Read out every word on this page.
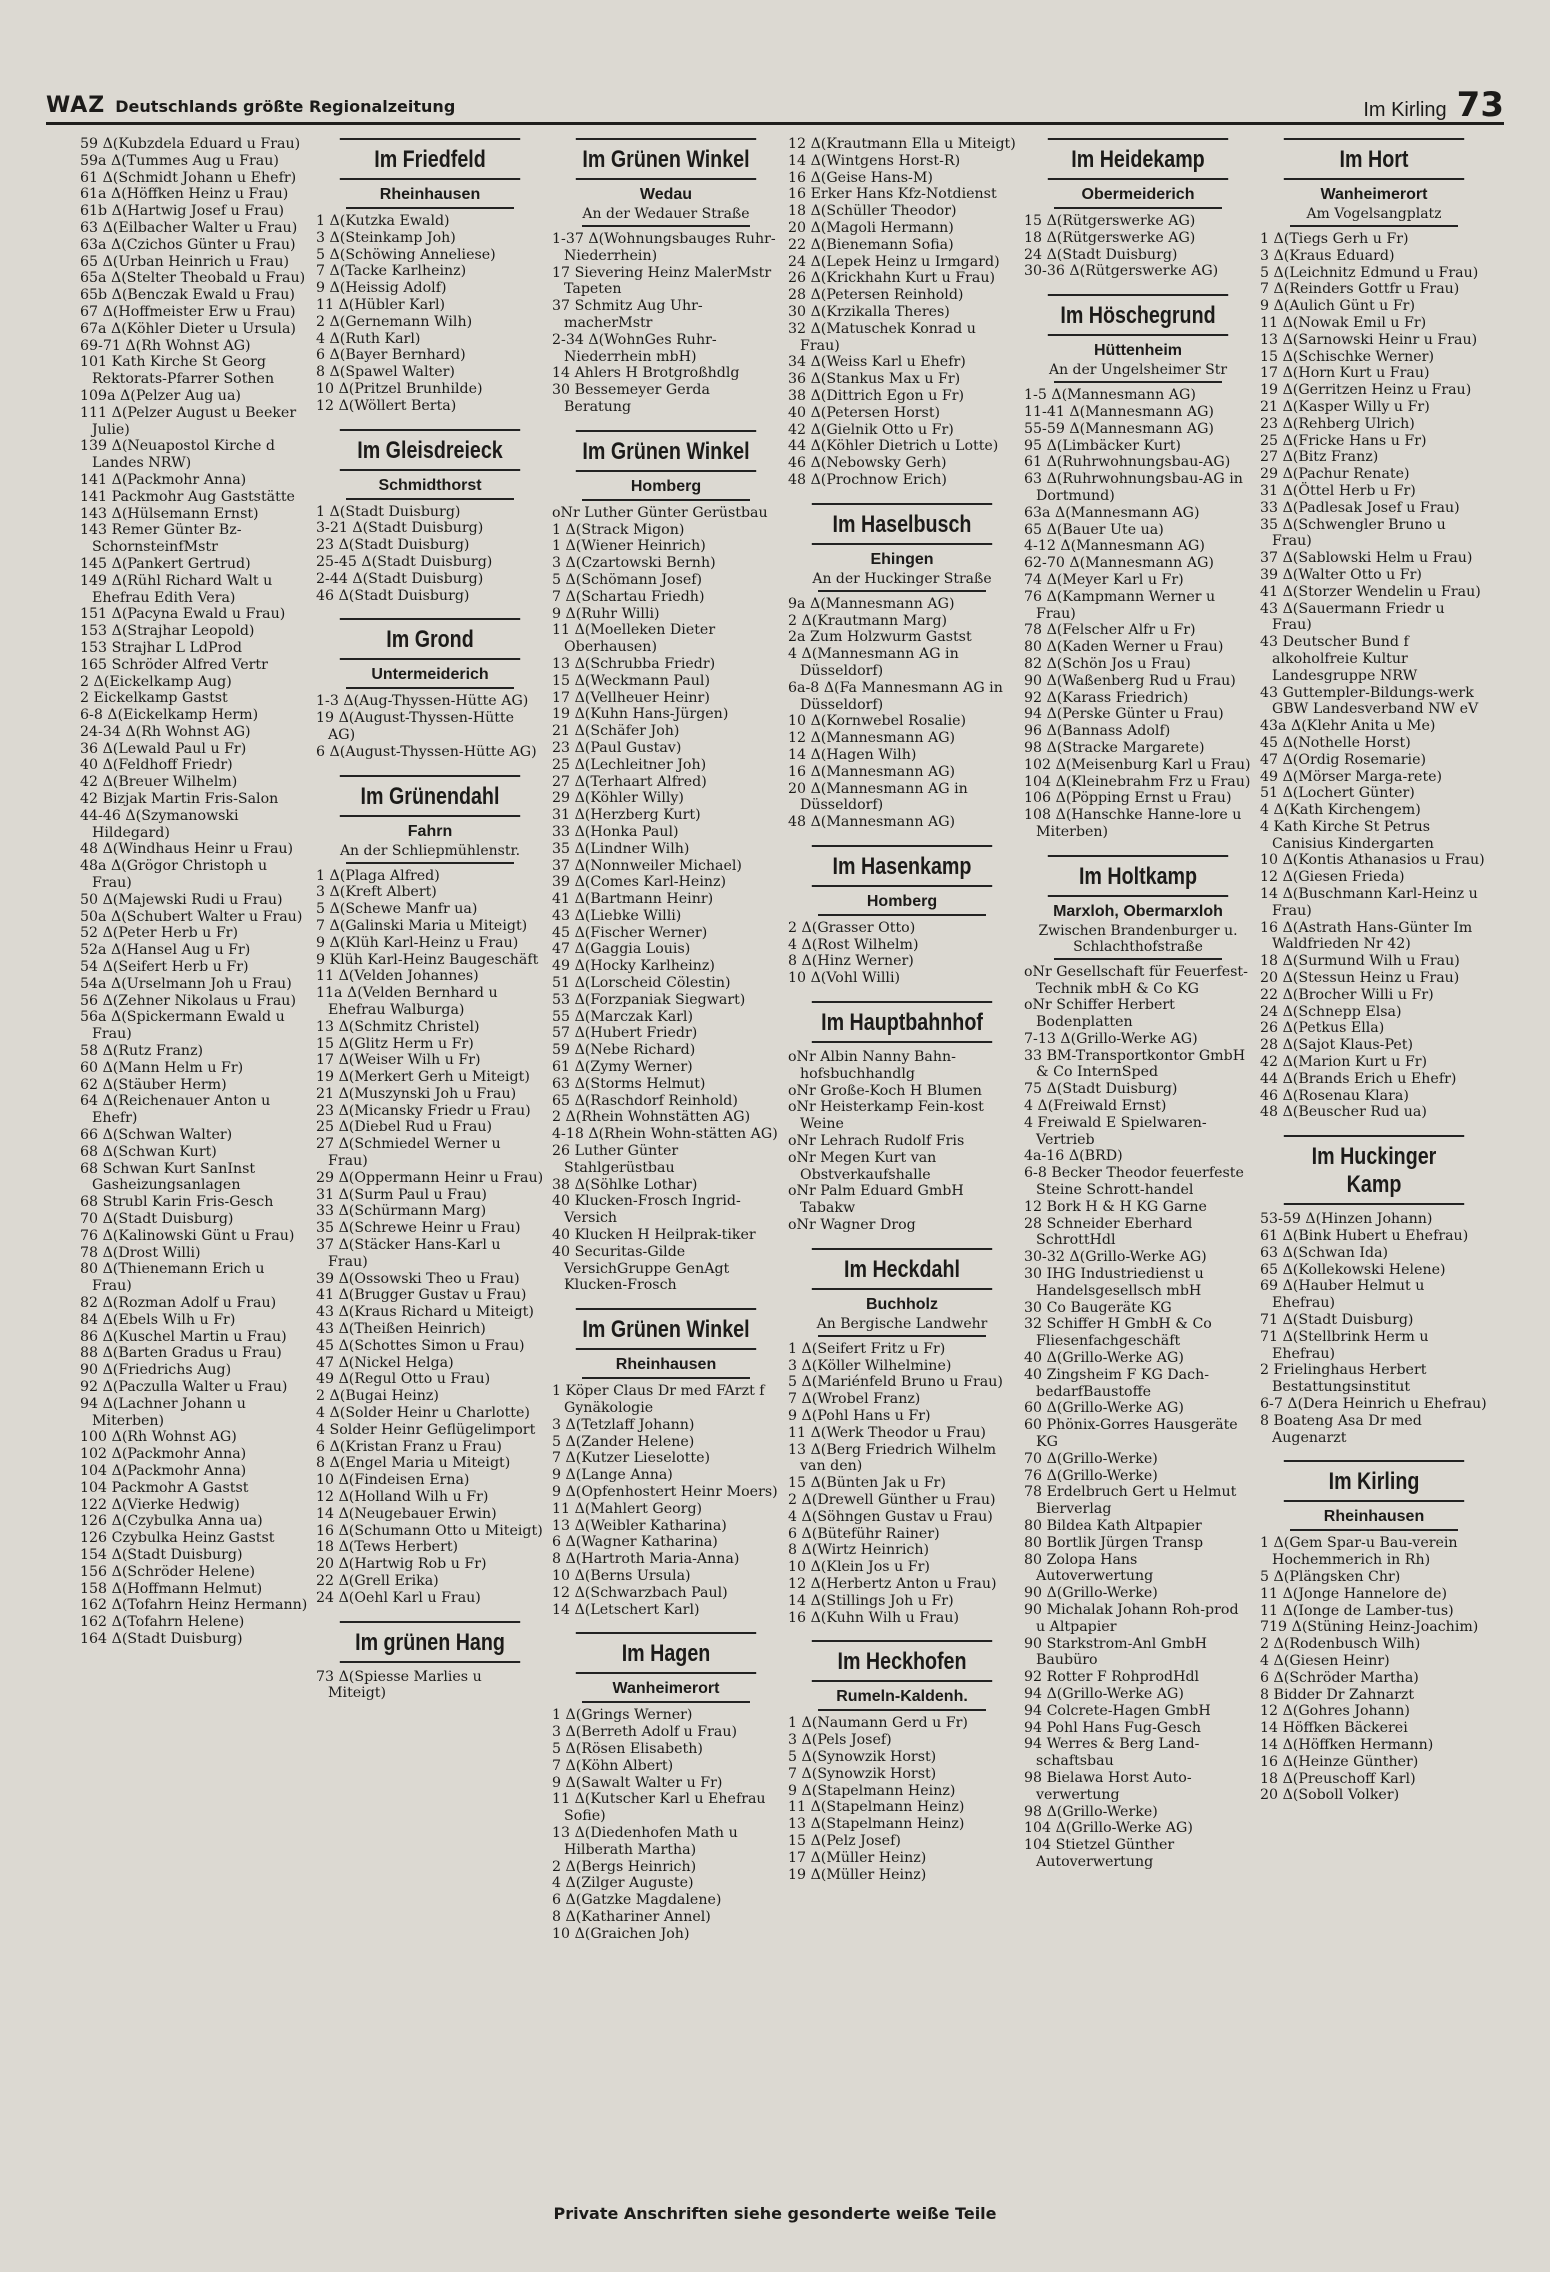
WAZ Deutschlands größte Regionalzeitung	Im Kirling 73
59 Δ(Kubzdela Eduard u Frau)
59a Δ(Tummes Aug u Frau)
61 Δ(Schmidt Johann u Ehefr)
61a Δ(Höffken Heinz u Frau)
61b Δ(Hartwig Josef u Frau)
63 Δ(Eilbacher Walter u Frau)
63a Δ(Czichos Günter u Frau)
65 Δ(Urban Heinrich u Frau)
65a Δ(Stelter Theobald u Frau)
65b Δ(Benczak Ewald u Frau)
67 Δ(Hoffmeister Erw u Frau)
67a Δ(Köhler Dieter u Ursula)
69-71 Δ(Rh Wohnst AG)
101 Kath Kirche St Georg Rektorats-Pfarrer Sothen
109a Δ(Pelzer Aug ua)
111 Δ(Pelzer August u Beeker Julie)
139 Δ(Neuapostol Kirche d Landes NRW)
141 Δ(Packmohr Anna)
141 Packmohr Aug Gaststätte
143 Δ(Hülsemann Ernst)
143 Remer Günter Bz-SchornsteinfMstr
145 Δ(Pankert Gertrud)
149 Δ(Rühl Richard Walt u Ehefrau Edith Vera)
151 Δ(Pacyna Ewald u Frau)
153 Δ(Strajhar Leopold)
153 Strajhar L LdProd
165 Schröder Alfred Vertr
2 Δ(Eickelkamp Aug)
2 Eickelkamp Gastst
6-8 Δ(Eickelkamp Herm)
24-34 Δ(Rh Wohnst AG)
36 Δ(Lewald Paul u Fr)
40 Δ(Feldhoff Friedr)
42 Δ(Breuer Wilhelm)
42 Bizjak Martin Fris-Salon
44-46 Δ(Szymanowski Hildegard)
48 Δ(Windhaus Heinr u Frau)
48a Δ(Grögor Christoph u Frau)
50 Δ(Majewski Rudi u Frau)
50a Δ(Schubert Walter u Frau)
52 Δ(Peter Herb u Fr)
52a Δ(Hansel Aug u Fr)
54 Δ(Seifert Herb u Fr)
54a Δ(Urselmann Joh u Frau)
56 Δ(Zehner Nikolaus u Frau)
56a Δ(Spickermann Ewald u Frau)
58 Δ(Rutz Franz)
60 Δ(Mann Helm u Fr)
62 Δ(Stäuber Herm)
64 Δ(Reichenauer Anton u Ehefr)
66 Δ(Schwan Walter)
68 Δ(Schwan Kurt)
68 Schwan Kurt SanInst Gasheizungsanlagen
68 Strubl Karin Fris-Gesch
70 Δ(Stadt Duisburg)
76 Δ(Kalinowski Günt u Frau)
78 Δ(Drost Willi)
80 Δ(Thienemann Erich u Frau)
82 Δ(Rozman Adolf u Frau)
84 Δ(Ebels Wilh u Fr)
86 Δ(Kuschel Martin u Frau)
88 Δ(Barten Gradus u Frau)
90 Δ(Friedrichs Aug)
92 Δ(Paczulla Walter u Frau)
94 Δ(Lachner Johann u Miterben)
100 Δ(Rh Wohnst AG)
102 Δ(Packmohr Anna)
104 Δ(Packmohr Anna)
104 Packmohr A Gastst
122 Δ(Vierke Hedwig)
126 Δ(Czybulka Anna ua)
126 Czybulka Heinz Gastst
154 Δ(Stadt Duisburg)
156 Δ(Schröder Helene)
158 Δ(Hoffmann Helmut)
162 Δ(Tofahrn Heinz Hermann)
162 Δ(Tofahrn Helene)
164 Δ(Stadt Duisburg)
Im Friedfeld
Rheinhausen
1 Δ(Kutzka Ewald)
3 Δ(Steinkamp Joh)
5 Δ(Schöwing Anneliese)
7 Δ(Tacke Karlheinz)
9 Δ(Heissig Adolf)
11 Δ(Hübler Karl)
2 Δ(Gernemann Wilh)
4 Δ(Ruth Karl)
6 Δ(Bayer Bernhard)
8 Δ(Spawel Walter)
10 Δ(Pritzel Brunhilde)
12 Δ(Wöllert Berta)
Im Gleisdreieck
Schmidthorst
1 Δ(Stadt Duisburg)
3-21 Δ(Stadt Duisburg)
23 Δ(Stadt Duisburg)
25-45 Δ(Stadt Duisburg)
2-44 Δ(Stadt Duisburg)
46 Δ(Stadt Duisburg)
Im Grond
Untermeiderich
1-3 Δ(Aug-Thyssen-Hütte AG)
19 Δ(August-Thyssen-Hütte AG)
6 Δ(August-Thyssen-Hütte AG)
Im Grünendahl
Fahrn
An der Schliepmühlenstr.
1 Δ(Plaga Alfred)
3 Δ(Kreft Albert)
5 Δ(Schewe Manfr ua)
7 Δ(Galinski Maria u Miteigt)
9 Δ(Klüh Karl-Heinz u Frau)
9 Klüh Karl-Heinz Baugeschäft
11 Δ(Velden Johannes)
11a Δ(Velden Bernhard u Ehefrau Walburga)
13 Δ(Schmitz Christel)
15 Δ(Glitz Herm u Fr)
17 Δ(Weiser Wilh u Fr)
19 Δ(Merkert Gerh u Miteigt)
21 Δ(Muszynski Joh u Frau)
23 Δ(Micansky Friedr u Frau)
25 Δ(Diebel Rud u Frau)
27 Δ(Schmiedel Werner u Frau)
29 Δ(Oppermann Heinr u Frau)
31 Δ(Surm Paul u Frau)
33 Δ(Schürmann Marg)
35 Δ(Schrewe Heinr u Frau)
37 Δ(Stäcker Hans-Karl u Frau)
39 Δ(Ossowski Theo u Frau)
41 Δ(Brugger Gustav u Frau)
43 Δ(Kraus Richard u Miteigt)
43 Δ(Theißen Heinrich)
45 Δ(Schottes Simon u Frau)
47 Δ(Nickel Helga)
49 Δ(Regul Otto u Frau)
2 Δ(Bugai Heinz)
4 Δ(Solder Heinr u Charlotte)
4 Solder Heinr Geflügelimport
6 Δ(Kristan Franz u Frau)
8 Δ(Engel Maria u Miteigt)
10 Δ(Findeisen Erna)
12 Δ(Holland Wilh u Fr)
14 Δ(Neugebauer Erwin)
16 Δ(Schumann Otto u Miteigt)
18 Δ(Tews Herbert)
20 Δ(Hartwig Rob u Fr)
22 Δ(Grell Erika)
24 Δ(Oehl Karl u Frau)
Im grünen Hang
73 Δ(Spiesse Marlies u Miteigt)
Im Grünen Winkel
Wedau
An der Wedauer Straße
1-37 Δ(Wohnungsbauges Ruhr-Niederrhein)
17 Sievering Heinz MalerMstr Tapeten
37 Schmitz Aug Uhr-macherMstr
2-34 Δ(WohnGes Ruhr-Niederrhein mbH)
14 Ahlers H Brotgroßhdlg
30 Bessemeyer Gerda Beratung
Im Grünen Winkel
Homberg
oNr Luther Günter Gerüstbau
1 Δ(Strack Migon)
1 Δ(Wiener Heinrich)
3 Δ(Czartowski Bernh)
5 Δ(Schömann Josef)
7 Δ(Schartau Friedh)
9 Δ(Ruhr Willi)
11 Δ(Moelleken Dieter Oberhausen)
13 Δ(Schrubba Friedr)
15 Δ(Weckmann Paul)
17 Δ(Vellheuer Heinr)
19 Δ(Kuhn Hans-Jürgen)
21 Δ(Schäfer Joh)
23 Δ(Paul Gustav)
25 Δ(Lechleitner Joh)
27 Δ(Terhaart Alfred)
29 Δ(Köhler Willy)
31 Δ(Herzberg Kurt)
33 Δ(Honka Paul)
35 Δ(Lindner Wilh)
37 Δ(Nonnweiler Michael)
39 Δ(Comes Karl-Heinz)
41 Δ(Bartmann Heinr)
43 Δ(Liebke Willi)
45 Δ(Fischer Werner)
47 Δ(Gaggia Louis)
49 Δ(Hocky Karlheinz)
51 Δ(Lorscheid Cölestin)
53 Δ(Forzpaniak Siegwart)
55 Δ(Marczak Karl)
57 Δ(Hubert Friedr)
59 Δ(Nebe Richard)
61 Δ(Zymy Werner)
63 Δ(Storms Helmut)
65 Δ(Raschdorf Reinhold)
2 Δ(Rhein Wohnstätten AG)
4-18 Δ(Rhein Wohn-stätten AG)
26 Luther Günter Stahlgerüstbau
38 Δ(Söhlke Lothar)
40 Klucken-Frosch Ingrid-Versich
40 Klucken H Heilprak-tiker
40 Securitas-Gilde VersichGruppe GenAgt Klucken-Frosch
Im Grünen Winkel
Rheinhausen
1 Köper Claus Dr med FArzt f Gynäkologie
3 Δ(Tetzlaff Johann)
5 Δ(Zander Helene)
7 Δ(Kutzer Lieselotte)
9 Δ(Lange Anna)
9 Δ(Opfenhostert Heinr Moers)
11 Δ(Mahlert Georg)
13 Δ(Weibler Katharina)
6 Δ(Wagner Katharina)
8 Δ(Hartroth Maria-Anna)
10 Δ(Berns Ursula)
12 Δ(Schwarzbach Paul)
14 Δ(Letschert Karl)
Im Hagen
Wanheimerort
1 Δ(Grings Werner)
3 Δ(Berreth Adolf u Frau)
5 Δ(Rösen Elisabeth)
7 Δ(Köhn Albert)
9 Δ(Sawalt Walter u Fr)
11 Δ(Kutscher Karl u Ehefrau Sofie)
13 Δ(Diedenhofen Math u Hilberath Martha)
2 Δ(Bergs Heinrich)
4 Δ(Zilger Auguste)
6 Δ(Gatzke Magdalene)
8 Δ(Kathariner Annel)
10 Δ(Graichen Joh)
12 Δ(Krautmann Ella u Miteigt)
14 Δ(Wintgens Horst-R)
16 Δ(Geise Hans-M)
16 Erker Hans Kfz-Notdienst
18 Δ(Schüller Theodor)
20 Δ(Magoli Hermann)
22 Δ(Bienemann Sofia)
24 Δ(Lepek Heinz u Irmgard)
26 Δ(Krickhahn Kurt u Frau)
28 Δ(Petersen Reinhold)
30 Δ(Krzikalla Theres)
32 Δ(Matuschek Konrad u Frau)
34 Δ(Weiss Karl u Ehefr)
36 Δ(Stankus Max u Fr)
38 Δ(Dittrich Egon u Fr)
40 Δ(Petersen Horst)
42 Δ(Gielnik Otto u Fr)
44 Δ(Köhler Dietrich u Lotte)
46 Δ(Nebowsky Gerh)
48 Δ(Prochnow Erich)
Im Haselbusch
Ehingen
An der Huckinger Straße
9a Δ(Mannesmann AG)
2 Δ(Krautmann Marg)
2a Zum Holzwurm Gastst
4 Δ(Mannesmann AG in Düsseldorf)
6a-8 Δ(Fa Mannesmann AG in Düsseldorf)
10 Δ(Kornwebel Rosalie)
12 Δ(Mannesmann AG)
14 Δ(Hagen Wilh)
16 Δ(Mannesmann AG)
20 Δ(Mannesmann AG in Düsseldorf)
48 Δ(Mannesmann AG)
Im Hasenkamp
Homberg
2 Δ(Grasser Otto)
4 Δ(Rost Wilhelm)
8 Δ(Hinz Werner)
10 Δ(Vohl Willi)
Im Hauptbahnhof
oNr Albin Nanny Bahn-hofsbuchhandlg
oNr Große-Koch H Blumen
oNr Heisterkamp Fein-kost Weine
oNr Lehrach Rudolf Fris
oNr Megen Kurt van Obstverkaufshalle
oNr Palm Eduard GmbH Tabakw
oNr Wagner Drog
Im Heckdahl
Buchholz
An Bergische Landwehr
1 Δ(Seifert Fritz u Fr)
3 Δ(Köller Wilhelmine)
5 Δ(Mariénfeld Bruno u Frau)
7 Δ(Wrobel Franz)
9 Δ(Pohl Hans u Fr)
11 Δ(Werk Theodor u Frau)
13 Δ(Berg Friedrich Wilhelm van den)
15 Δ(Bünten Jak u Fr)
2 Δ(Drewell Günther u Frau)
4 Δ(Söhngen Gustav u Frau)
6 Δ(Büteführ Rainer)
8 Δ(Wirtz Heinrich)
10 Δ(Klein Jos u Fr)
12 Δ(Herbertz Anton u Frau)
14 Δ(Stillings Joh u Fr)
16 Δ(Kuhn Wilh u Frau)
Im Heckhofen
Rumeln-Kaldenh.
1 Δ(Naumann Gerd u Fr)
3 Δ(Pels Josef)
5 Δ(Synowzik Horst)
7 Δ(Synowzik Horst)
9 Δ(Stapelmann Heinz)
11 Δ(Stapelmann Heinz)
13 Δ(Stapelmann Heinz)
15 Δ(Pelz Josef)
17 Δ(Müller Heinz)
19 Δ(Müller Heinz)
Im Heidekamp
Obermeiderich
15 Δ(Rütgerswerke AG)
18 Δ(Rütgerswerke AG)
24 Δ(Stadt Duisburg)
30-36 Δ(Rütgerswerke AG)
Im Höschegrund
Hüttenheim
An der Ungelsheimer Str
1-5 Δ(Mannesmann AG)
11-41 Δ(Mannesmann AG)
55-59 Δ(Mannesmann AG)
95 Δ(Limbäcker Kurt)
61 Δ(Ruhrwohnungsbau-AG)
63 Δ(Ruhrwohnungsbau-AG in Dortmund)
63a Δ(Mannesmann AG)
65 Δ(Bauer Ute ua)
4-12 Δ(Mannesmann AG)
62-70 Δ(Mannesmann AG)
74 Δ(Meyer Karl u Fr)
76 Δ(Kampmann Werner u Frau)
78 Δ(Felscher Alfr u Fr)
80 Δ(Kaden Werner u Frau)
82 Δ(Schön Jos u Frau)
90 Δ(Waßenberg Rud u Frau)
92 Δ(Karass Friedrich)
94 Δ(Perske Günter u Frau)
96 Δ(Bannass Adolf)
98 Δ(Stracke Margarete)
102 Δ(Meisenburg Karl u Frau)
104 Δ(Kleinebrahm Frz u Frau)
106 Δ(Pöpping Ernst u Frau)
108 Δ(Hanschke Hanne-lore u Miterben)
Im Holtkamp
Marxloh, Obermarxloh
Zwischen Brandenburger u. Schlachthofstraße
oNr Gesellschaft für Feuerfest-Technik mbH & Co KG
oNr Schiffer Herbert Bodenplatten
7-13 Δ(Grillo-Werke AG)
33 BM-Transportkontor GmbH & Co InternSped
75 Δ(Stadt Duisburg)
4 Δ(Freiwald Ernst)
4 Freiwald E Spielwaren-Vertrieb
4a-16 Δ(BRD)
6-8 Becker Theodor feuerfeste Steine Schrott-handel
12 Bork H & H KG Garne
28 Schneider Eberhard SchrottHdl
30-32 Δ(Grillo-Werke AG)
30 IHG Industriedienst u Handelsgesellsch mbH
30 Co Baugeräte KG
32 Schiffer H GmbH & Co Fliesenfachgeschäft
40 Δ(Grillo-Werke AG)
40 Zingsheim F KG Dach-bedarfBaustoffe
60 Δ(Grillo-Werke AG)
60 Phönix-Gorres Hausgeräte KG
70 Δ(Grillo-Werke)
76 Δ(Grillo-Werke)
78 Erdelbruch Gert u Helmut Bierverlag
80 Bildea Kath Altpapier
80 Bortlik Jürgen Transp
80 Zolopa Hans Autoverwertung
90 Δ(Grillo-Werke)
90 Michalak Johann Roh-prod u Altpapier
90 Starkstrom-Anl GmbH Baubüro
92 Rotter F RohprodHdl
94 Δ(Grillo-Werke AG)
94 Colcrete-Hagen GmbH
94 Pohl Hans Fug-Gesch
94 Werres & Berg Land-schaftsbau
98 Bielawa Horst Auto-verwertung
98 Δ(Grillo-Werke)
104 Δ(Grillo-Werke AG)
104 Stietzel Günther Autoverwertung
Im Hort
Wanheimerort
Am Vogelsangplatz
1 Δ(Tiegs Gerh u Fr)
3 Δ(Kraus Eduard)
5 Δ(Leichnitz Edmund u Frau)
7 Δ(Reinders Gottfr u Frau)
9 Δ(Aulich Günt u Fr)
11 Δ(Nowak Emil u Fr)
13 Δ(Sarnowski Heinr u Frau)
15 Δ(Schischke Werner)
17 Δ(Horn Kurt u Frau)
19 Δ(Gerritzen Heinz u Frau)
21 Δ(Kasper Willy u Fr)
23 Δ(Rehberg Ulrich)
25 Δ(Fricke Hans u Fr)
27 Δ(Bitz Franz)
29 Δ(Pachur Renate)
31 Δ(Öttel Herb u Fr)
33 Δ(Padlesak Josef u Frau)
35 Δ(Schwengler Bruno u Frau)
37 Δ(Sablowski Helm u Frau)
39 Δ(Walter Otto u Fr)
41 Δ(Storzer Wendelin u Frau)
43 Δ(Sauermann Friedr u Frau)
43 Deutscher Bund f alkoholfreie Kultur Landesgruppe NRW
43 Guttempler-Bildungs-werk GBW Landesverband NW eV
43a Δ(Klehr Anita u Me)
45 Δ(Nothelle Horst)
47 Δ(Ordig Rosemarie)
49 Δ(Mörser Marga-rete)
51 Δ(Lochert Günter)
4 Δ(Kath Kirchengem)
4 Kath Kirche St Petrus Canisius Kindergarten
10 Δ(Kontis Athanasios u Frau)
12 Δ(Giesen Frieda)
14 Δ(Buschmann Karl-Heinz u Frau)
16 Δ(Astrath Hans-Günter Im Waldfrieden Nr 42)
18 Δ(Surmund Wilh u Frau)
20 Δ(Stessun Heinz u Frau)
22 Δ(Brocher Willi u Fr)
24 Δ(Schnepp Elsa)
26 Δ(Petkus Ella)
28 Δ(Sajot Klaus-Pet)
42 Δ(Marion Kurt u Fr)
44 Δ(Brands Erich u Ehefr)
46 Δ(Rosenau Klara)
48 Δ(Beuscher Rud ua)
Im Huckinger Kamp
53-59 Δ(Hinzen Johann)
61 Δ(Bink Hubert u Ehefrau)
63 Δ(Schwan Ida)
65 Δ(Kollekowski Helene)
69 Δ(Hauber Helmut u Ehefrau)
71 Δ(Stadt Duisburg)
71 Δ(Stellbrink Herm u Ehefrau)
2 Frielinghaus Herbert Bestattungsinstitut
6-7 Δ(Dera Heinrich u Ehefrau)
8 Boateng Asa Dr med Augenarzt
Im Kirling
Rheinhausen
1 Δ(Gem Spar-u Bau-verein Hochemmerich in Rh)
5 Δ(Plängsken Chr)
11 Δ(Jonge Hannelore de)
11 Δ(Ionge de Lamber-tus)
719 Δ(Stüning Heinz-Joachim)
2 Δ(Rodenbusch Wilh)
4 Δ(Giesen Heinr)
6 Δ(Schröder Martha)
8 Bidder Dr Zahnarzt
12 Δ(Gohres Johann)
14 Höffken Bäckerei
14 Δ(Höffken Hermann)
16 Δ(Heinze Günther)
18 Δ(Preuschoff Karl)
20 Δ(Soboll Volker)
Private Anschriften siehe gesonderte weiße Teile
